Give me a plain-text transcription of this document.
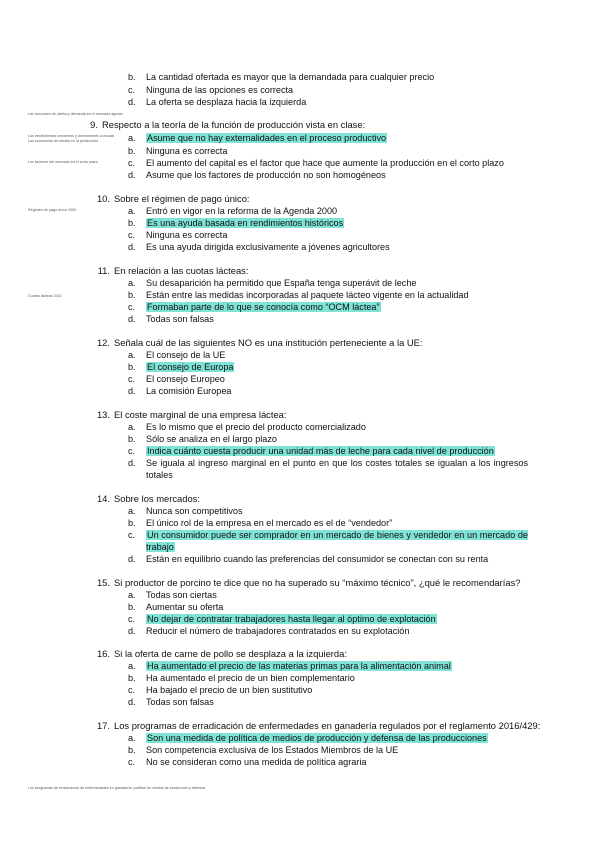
Las funciones de oferta y demanda en el mercado agrario
Los rendimientos crecientes y decrecientes a escala
Las economías de escala en la producción
Los factores del mercado en el corto plazo
Régimen de pago único 2000
Cuotas lácteas 2015
Los programas de erradicación de enfermedades en ganadería, política de medios de producción y defensa
b.	La cantidad ofertada es mayor que la demandada para cualquier precio
c.	Ninguna de las opciones es correcta
d.	La oferta se desplaza hacia la izquierda
9. Respecto a la teoría de la función de producción vista en clase:
a.	Asume que no hay externalidades en el proceso productivo
b.	Ninguna es correcta
c.	El aumento del capital es el factor que hace que aumente la producción en el corto plazo
d.	Asume que los factores de producción no son homogéneos
10. Sobre el régimen de pago único:
a.	Entró en vigor en la reforma de la Agenda 2000
b.	Es una ayuda basada en rendimientos históricos
c.	Ninguna es correcta
d.	Es una ayuda dirigida exclusivamente a jóvenes agricultores
11. En relación a las cuotas lácteas:
a.	Su desaparición ha permitido que España tenga superávit de leche
b.	Están entre las medidas incorporadas al paquete lácteo vigente en la actualidad
c.	Formaban parte de lo que se conocía como “OCM láctea”
d.	Todas son falsas
12. Señala cuál de las siguientes NO es una institución perteneciente a la UE:
a.	El consejo de la UE
b.	El consejo de Europa
c.	El consejo Europeo
d.	La comisión Europea
13. El coste marginal de una empresa láctea:
a.	Es lo mismo que el precio del producto comercializado
b.	Sólo se analiza en el largo plazo
c.	Indica cuánto cuesta producir una unidad más de leche para cada nivel de producción
d.	Se iguala al ingreso marginal en el punto en que los costes totales se igualan a los ingresos totales
14. Sobre los mercados:
a.	Nunca son competitivos
b.	El único rol de la empresa en el mercado es el de “vendedor”
c.	Un consumidor puede ser comprador en un mercado de bienes y vendedor en un mercado de trabajo
d.	Están en equilibrio cuando las preferencias del consumidor se conectan con su renta
15. Si productor de porcino te dice que no ha superado su “máximo técnico”, ¿qué le recomendarías?
a.	Todas son ciertas
b.	Aumentar su oferta
c.	No dejar de contratar trabajadores hasta llegar al óptimo de explotación
d.	Reducir el número de trabajadores contratados en su explotación
16. Si la oferta de carne de pollo se desplaza a la izquierda:
a.	Ha aumentado el precio de las materias primas para la alimentación animal
b.	Ha aumentado el precio de un bien complementario
c.	Ha bajado el precio de un bien sustitutivo
d.	Todas son falsas
17. Los programas de erradicación de enfermedades en ganadería regulados por el reglamento 2016/429:
a.	Son una medida de política de medios de producción y defensa de las producciones
b.	Son competencia exclusiva de los Estados Miembros de la UE
c.	No se consideran como una medida de política agraria
